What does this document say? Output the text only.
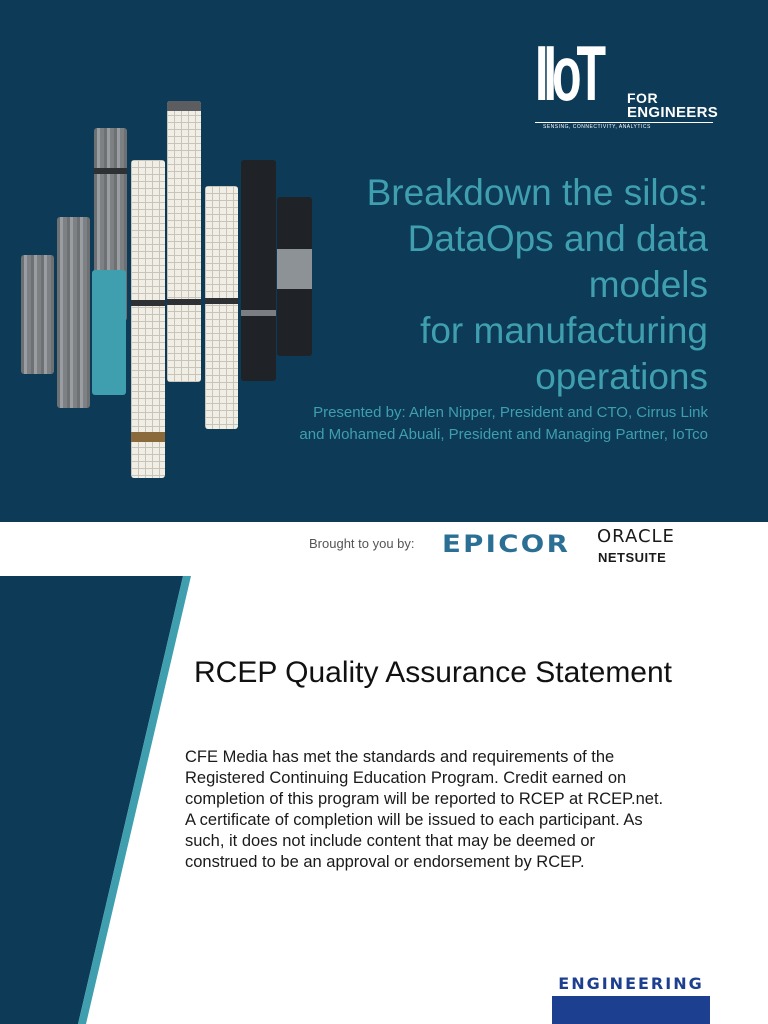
IIoT FOR
ENGINEERS
SENSING, CONNECTIVITY, ANALYTICS
Breakdown the silos:
DataOps and data models
for manufacturing
operations
Presented by: Arlen Nipper, President and CTO, Cirrus Link
and Mohamed Abuali, President and Managing Partner, IoTco
Brought to you by: EPICOR ORACLE
NETSUITE
RCEP Quality Assurance Statement

CFE Media has met the standards and requirements of the

Registered Continuing Education Program. Credit earned on

completion of this program will be reported to RCEP at RCEP.net.

A certificate of completion will be issued to each participant. As

such, it does not include content that may be deemed or

construed to be an approval or endorsement by RCEP.

ENGINEERING
